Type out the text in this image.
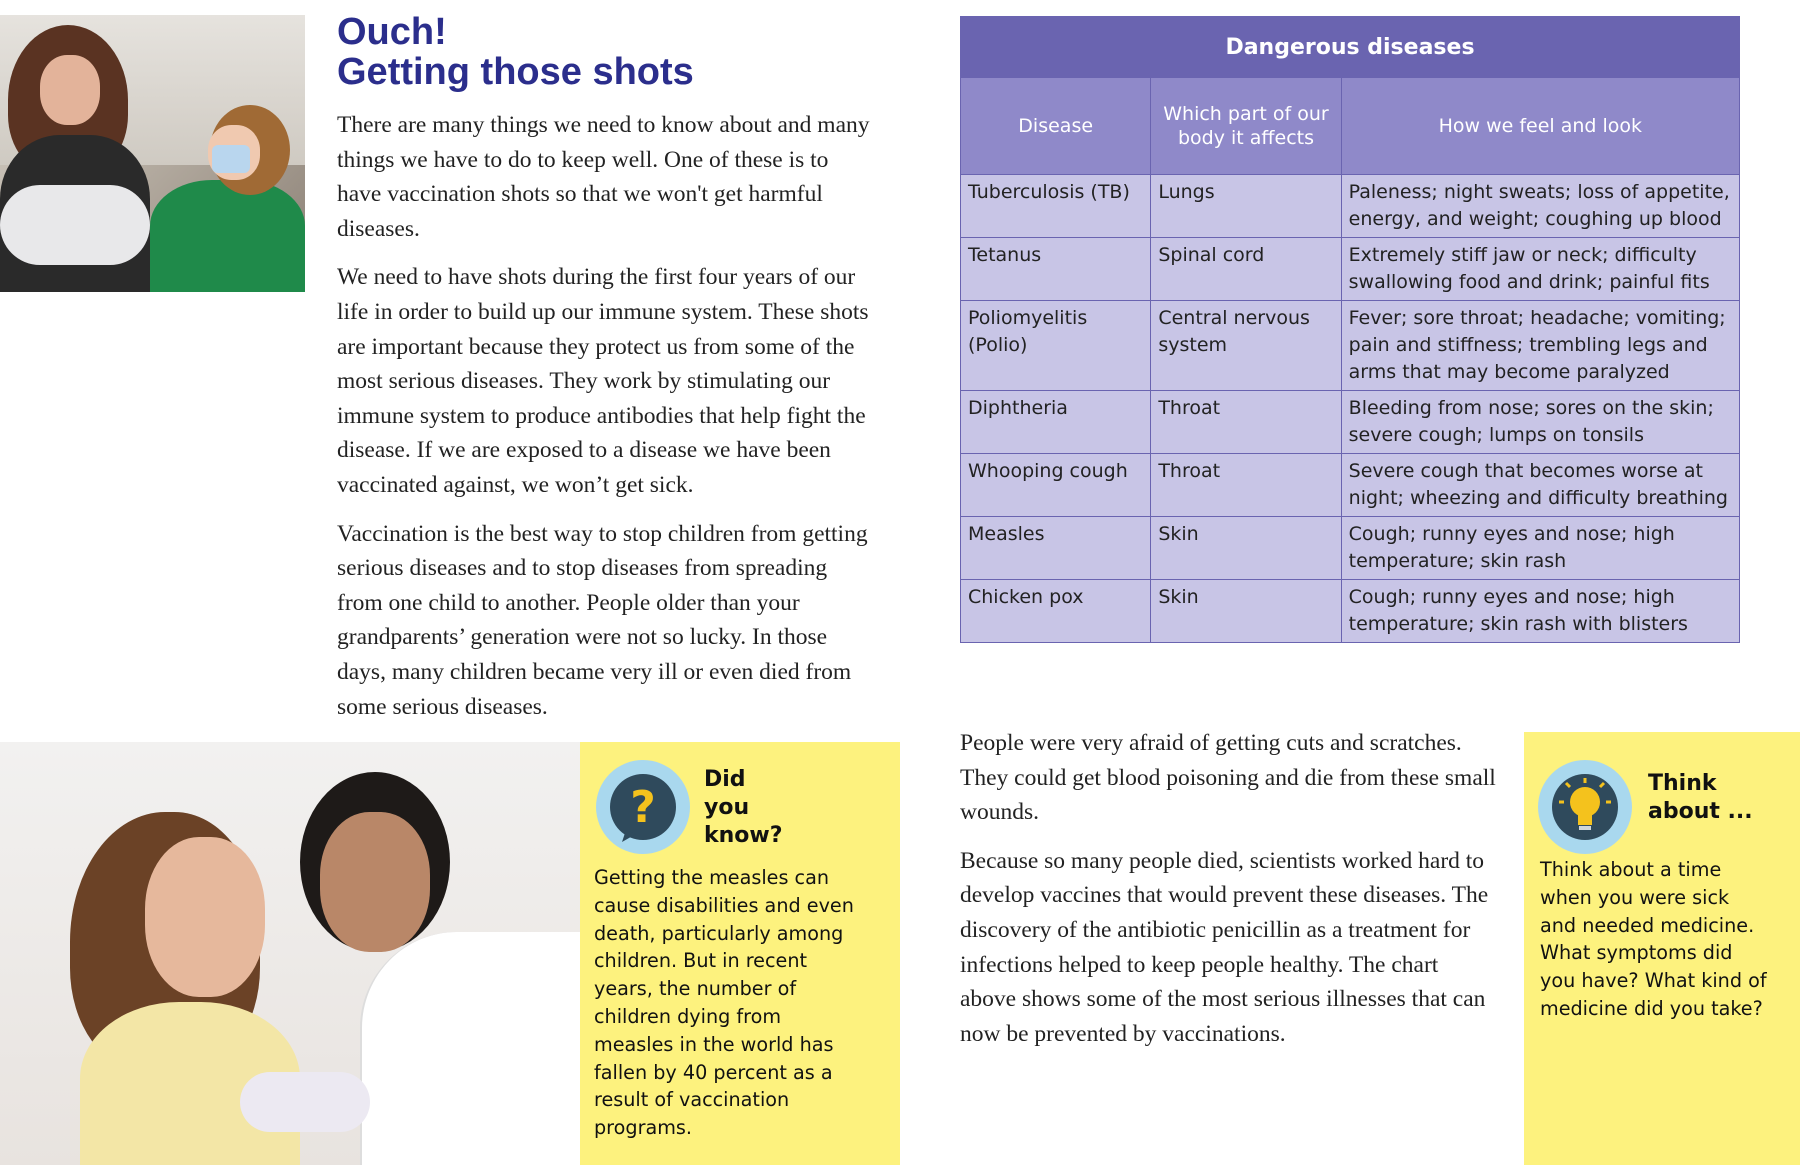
Ouch!
Getting those shots

There are many things we need to know about and many things we have to do to keep well. One of these is to have vaccination shots so that we won't get harmful diseases.

We need to have shots during the first four years of our life in order to build up our immune system. These shots are important because they protect us from some of the most serious diseases. They work by stimulating our immune system to produce antibodies that help fight the disease. If we are exposed to a disease we have been vaccinated against, we won’t get sick.

Vaccination is the best way to stop children from getting serious diseases and to stop diseases from spreading from one child to another. People older than your grandparents’ generation were not so lucky. In those days, many children became very ill or even died from some serious diseases.

Dangerous diseases		
Disease	Which part of our body it affects	How we feel and look
Tuberculosis (TB)	Lungs	Paleness; night sweats; loss of appetite, energy, and weight; coughing up blood
Tetanus	Spinal cord	Extremely stiff jaw or neck; difficulty swallowing food and drink; painful fits
Poliomyelitis (Polio)	Central nervous system	Fever; sore throat; headache; vomiting; pain and stiffness; trembling legs and arms that may become paralyzed
Diphtheria	Throat	Bleeding from nose; sores on the skin; severe cough; lumps on tonsils
Whooping cough	Throat	Severe cough that becomes worse at night; wheezing and difficulty breathing
Measles	Skin	Cough; runny eyes and nose; high temperature; skin rash
Chicken pox	Skin	Cough; runny eyes and nose; high temperature; skin rash with blisters
?
Did
you
know?
Getting the measles can cause disabilities and even death, particularly among children. But in recent years, the number of children dying from measles in the world has fallen by 40 percent as a result of vaccination programs.

People were very afraid of getting cuts and scratches. They could get blood poisoning and die from these small wounds.

Because so many people died, scientists worked hard to develop vaccines that would prevent these diseases. The discovery of the antibiotic penicillin as a treatment for infections helped to keep people healthy. The chart above shows some of the most serious illnesses that can now be prevented by vaccinations.

Think
about ...
Think about a time when you were sick and needed medicine. What symptoms did you have? What kind of medicine did you take?
